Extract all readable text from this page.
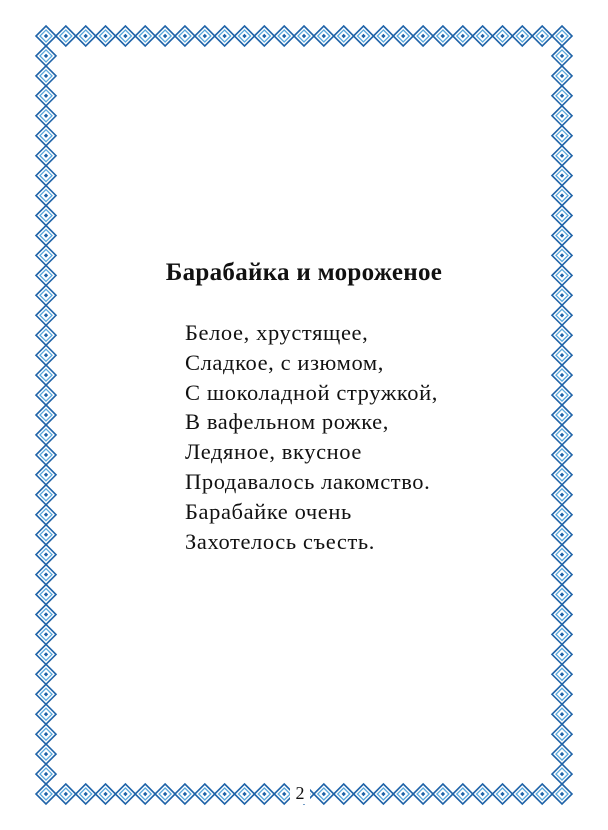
Барабайка и мороженое
Белое, хрустящее,
Сладкое, с изюмом,
С шоколадной стружкой,
В вафельном рожке,
Ледяное, вкусное
Продавалось лакомство.
Барабайке очень
Захотелось съесть.
2
